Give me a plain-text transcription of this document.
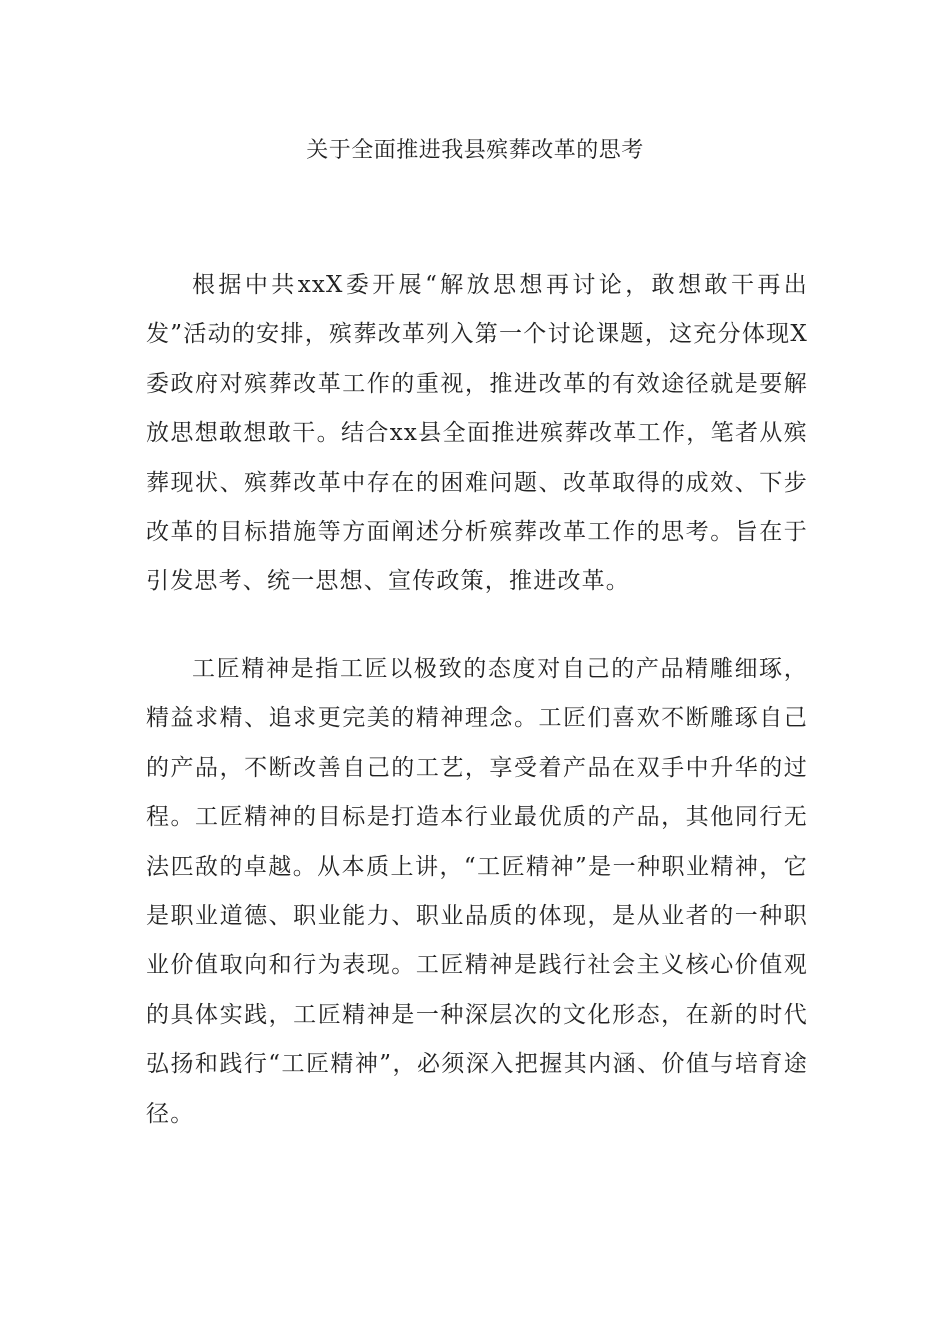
关于全面推进我县殡葬改革的思考

根据中共xxX委开展“解放思想再讨论，敢想敢干再出发”活动的安排，殡葬改革列入第一个讨论课题，这充分体现X委政府对殡葬改革工作的重视，推进改革的有效途径就是要解放思想敢想敢干。结合xx县全面推进殡葬改革工作，笔者从殡葬现状、殡葬改革中存在的困难问题、改革取得的成效、下步改革的目标措施等方面阐述分析殡葬改革工作的思考。旨在于引发思考、统一思想、宣传政策，推进改革。

工匠精神是指工匠以极致的态度对自己的产品精雕细琢，精益求精、追求更完美的精神理念。工匠们喜欢不断雕琢自己的产品，不断改善自己的工艺，享受着产品在双手中升华的过程。工匠精神的目标是打造本行业最优质的产品，其他同行无法匹敌的卓越。从本质上讲，“工匠精神”是一种职业精神，它是职业道德、职业能力、职业品质的体现，是从业者的一种职业价值取向和行为表现。工匠精神是践行社会主义核心价值观的具体实践，工匠精神是一种深层次的文化形态，在新的时代弘扬和践行“工匠精神”，必须深入把握其内涵、价值与培育途径。
